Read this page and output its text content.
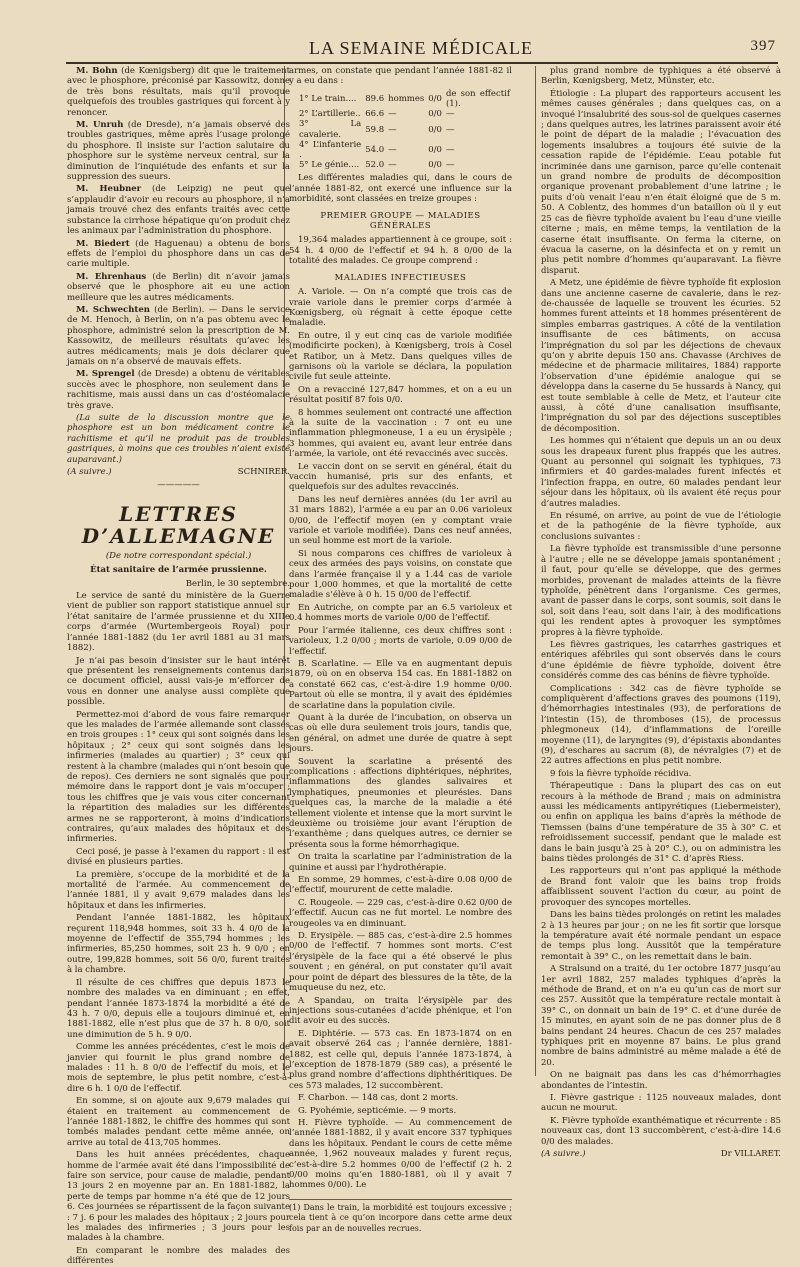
LA SEMAINE MÉDICALE	397

M. Bohn (de Kœnigsberg) dit que le traitement avec le phosphore, préconisé par Kassowitz, donne de très bons résultats, mais qu’il provoque quelquefois des troubles gastriques qui forcent à y renoncer.

M. Unruh (de Dresde), n’a jamais observé des troubles gastriques, même après l’usage prolongé du phosphore. Il insiste sur l’action salutaire du phosphore sur le système nerveux central, sur la diminution de l’inquiétude des enfants et sur la suppression des sueurs.

M. Heubner (de Leipzig) ne peut que s’applaudir d’avoir eu recours au phosphore, il n’a jamais trouvé chez des enfants traités avec cette substance la cirrhose hépatique qu’on produit chez les animaux par l’administration du phosphore.

M. Biedert (de Haguenau) a obtenu de bons effets de l’emploi du phosphore dans un cas de carie multiple.

M. Ehrenhaus (de Berlin) dit n’avoir jamais observé que le phosphore ait eu une action meilleure que les autres médicaments.

M. Schwechten (de Berlin). — Dans le service de M. Henoch, à Berlin, on n’a pas obtenu avec le phosphore, administré selon la prescription de M. Kassowitz, de meilleurs résultats qu’avec les autres médicaments; mais je dois déclarer que jamais on n’a observé de mauvais effets.

M. Sprengel (de Dresde) a obtenu de véritables succès avec le phosphore, non seulement dans le rachitisme, mais aussi dans un cas d’ostéomalacie très grave.

(La suite de la discussion montre que le phosphore est un bon médicament contre le rachitisme et qu’il ne produit pas de troubles gastriques, à moins que ces troubles n’aient existé auparavant.)

(A suivre.)	SCHNIRER.
—————
LETTRES D’ALLEMAGNE
(De notre correspondant spécial.)
État sanitaire de l’armée prussienne.

Berlin, le 30 septembre.

Le service de santé du ministère de la Guerre vient de publier son rapport statistique annuel sur l’état sanitaire de l’armée prussienne et du XIIIe corps d’armée (Wurtembergeois Royal) pour l’année 1881-1882 (du 1er avril 1881 au 31 mars 1882).

Je n’ai pas besoin d’insister sur le haut intérêt que présentent les renseignements contenus dans ce document officiel, aussi vais-je m’efforcer de vous en donner une analyse aussi complète que possible.

Permettez-moi d’abord de vous faire remarquer que les malades de l’armée allemande sont classés en trois groupes : 1° ceux qui sont soignés dans les hôpitaux ; 2° ceux qui sont soignés dans les infirmeries (malades au quartier) ; 3° ceux qui restent à la chambre (malades qui n’ont besoin que de repos). Ces derniers ne sont signalés que pour mémoire dans le rapport dont je vais m’occuper ; tous les chiffres que je vais vous citer concernant la répartition des maladies sur les différentes armes ne se rapporteront, à moins d’indications contraires, qu’aux malades des hôpitaux et des infirmeries.

Ceci posé, je passe à l’examen du rapport : il est divisé en plusieurs parties.

La première, s’occupe de la morbidité et de la mortalité de l’armée. Au commencement de l’année 1881, il y avait 9,679 malades dans les hôpitaux et dans les infirmeries.

Pendant l’année 1881-1882, les hôpitaux reçurent 118,948 hommes, soit 33 h. 4 0/0 de la moyenne de l’effectif de 355,794 hommes ; les infirmeries, 85,250 hommes, soit 23 h. 9 0/0 ; en outre, 199,828 hommes, soit 56 0/0, furent traités à la chambre.

Il résulte de ces chiffres que depuis 1873 le nombre des malades va en diminuant ; en effet, pendant l’année 1873-1874 la morbidité a été de 43 h. 7 0/0, depuis elle a toujours diminué et, en 1881-1882, elle n’est plus que de 37 h. 8 0/0, soit une diminution de 5 h. 9 0/0.

Comme les années précédentes, c’est le mois de janvier qui fournit le plus grand nombre de malades : 11 h. 8 0/0 de l’effectif du mois, et le mois de septembre, le plus petit nombre, c’est-à-dire 6 h. 1 0/0 de l’effectif.

En somme, si on ajoute aux 9,679 malades qui étaient en traitement au commencement de l’année 1881-1882, le chiffre des hommes qui sont tombés malades pendant cette même année, on arrive au total de 413,705 hommes.

Dans les huit années précédentes, chaque homme de l’armée avait été dans l’impossibilité de faire son service, pour cause de maladie, pendant 13 jours 2 en moyenne par an. En 1881-1882, la perte de temps par homme n’a été que de 12 jours 6. Ces journées se répartissent de la façon suivante : 7 j. 6 pour les malades des hôpitaux ; 2 jours pour les malades des infirmeries ; 3 jours pour les malades à la chambre.

En comparant le nombre des malades des différentes

armes, on constate que pendant l’année 1881-82 il y a eu dans :

1° Le train....	89.6	hommes	0/0	de son effectif (1).
2° L’artillerie..	66.6	—	0/0	—
3° La cavalerie.	59.8	—	0/0	—
4° L’infanterie .	54.0	—	0/0	—
5° Le génie....	52.0	—	0/0	—

Les différentes maladies qui, dans le cours de l’année 1881-82, ont exercé une influence sur la morbidité, sont classées en treize groupes :

PREMIER GROUPE — MALADIES GÉNÉRALES

19,364 malades appartiennent à ce groupe, soit : 54 h. 4 0/00 de l’effectif et 94 h. 8 0/00 de la totalité des malades. Ce groupe comprend :

MALADIES INFECTIEUSES

A. Variole. — On n’a compté que trois cas de vraie variole dans le premier corps d’armée à Kœnigsberg, où régnait à cette époque cette maladie.

En outre, il y eut cinq cas de variole modifiée (modificirte pocken), à Kœnigsberg, trois à Cosel et Ratibor, un à Metz. Dans quelques villes de garnisons où la variole se déclara, la population civile fut seule atteinte.

On a revacciné 127,847 hommes, et on a eu un résultat positif 87 fois 0/0.

8 hommes seulement ont contracté une affection à la suite de la vaccination : 7 ont eu une inflammation phlegmoneuse, 1 a eu un érysipèle ; 3 hommes, qui avaient eu, avant leur entrée dans l’armée, la variole, ont été revaccinés avec succès.

Le vaccin dont on se servit en général, était du vaccin humanisé, pris sur des enfants, et quelquefois sur des adultes revaccinés.

Dans les neuf dernières années (du 1er avril au 31 mars 1882), l’armée a eu par an 0.06 varioleux 0/00, de l’effectif moyen (en y comptant vraie variole et variole modifiée). Dans ces neuf années, un seul homme est mort de la variole.

Si nous comparons ces chiffres de varioleux à ceux des armées des pays voisins, on constate que dans l’armée française il y a 1.44 cas de variole pour 1,000 hommes, et que la mortalité de cette maladie s’élève à 0 h. 15 0/00 de l’effectif.

En Autriche, on compte par an 6.5 varioleux et 0.4 hommes morts de variole 0/00 de l’effectif.

Pour l’armée italienne, ces deux chiffres sont : varioleux, 1.2 0/00 ; morts de variole, 0.09 0/00 de l’effectif.

B. Scarlatine. — Elle va en augmentant depuis 1879, où on en observa 154 cas. En 1881-1882 on a constaté 662 cas, c’est-à-dire 1.9 homme 0/00. Partout où elle se montra, il y avait des épidémies de scarlatine dans la population civile.

Quant à la durée de l’incubation, on observa un cas où elle dura seulement trois jours, tandis que, en général, on admet une durée de quatre à sept jours.

Souvent la scarlatine a présenté des complications : affections diphtériques, néphrites, inflammations des glandes salivaires et lymphatiques, pneumonies et pleurésies. Dans quelques cas, la marche de la maladie a été tellement violente et intense que la mort survint le deuxième ou troisième jour avant l’éruption de l’exanthème ; dans quelques autres, ce dernier se présenta sous la forme hémorrhagique.

On traita la scarlatine par l’administration de la quinine et aussi par l’hydrothérapie.

En somme, 29 hommes, c’est-à-dire 0.08 0/00 de l’effectif, moururent de cette maladie.

C. Rougeole. — 229 cas, c’est-à-dire 0.62 0/00 de l’effectif. Aucun cas ne fut mortel. Le nombre des rougeoles va en diminuant.

D. Erysipèle. — 885 cas, c’est-à-dire 2.5 hommes 0/00 de l’effectif. 7 hommes sont morts. C’est l’érysipèle de la face qui a été observé le plus souvent ; en général, on put constater qu’il avait pour point de départ des blessures de la tête, de la muqueuse du nez, etc.

A Spandau, on traita l’érysipèle par des injections sous-cutanées d’acide phénique, et l’on dit avoir eu des succès.

E. Diphtérie. — 573 cas. En 1873-1874 on en avait observé 264 cas ; l’année dernière, 1881-1882, est celle qui, depuis l’année 1873-1874, à l’exception de 1878-1879 (589 cas), a présenté le plus grand nombre d’affections diphthéritiques. De ces 573 malades, 12 succombèrent.

F. Charbon. — 148 cas, dont 2 morts.

G. Pyohémie, septicémie. — 9 morts.

H. Fièvre typhoïde. — Au commencement de l’année 1881-1882, il y avait encore 337 typhiques dans les hôpitaux. Pendant le cours de cette même année, 1,962 nouveaux malades y furent reçus, c’est-à-dire 5.2 hommes 0/00 de l’effectif (2 h. 2 0/00 moins qu’en 1880-1881, où il y avait 7 hommes 0/00). Le

(1) Dans le train, la morbidité est toujours excessive ; cela tient à ce qu’on incorpore dans cette arme deux fois par an de nouvelles recrues.

plus grand nombre de typhiques a été observé à Berlin, Kœnigsberg, Metz, Münster, etc.

Étiologie : La plupart des rapporteurs accusent les mêmes causes générales ; dans quelques cas, on a invoqué l’insalubrité des sous-sol de quelques casernes ; dans quelques autres, les latrines paraissent avoir été le point de départ de la maladie ; l’évacuation des logements insalubres a toujours été suivie de la cessation rapide de l’épidémie. L’eau potable fut incriminée dans une garnison, parce qu’elle contenait un grand nombre de produits de décomposition organique provenant probablement d’une latrine ; le puits d’où venait l’eau n’en était éloigné que de 5 m. 50. A Coblentz, des hommes d’un bataillon où il y eut 25 cas de fièvre typhoïde avaient bu l’eau d’une vieille citerne ; mais, en même temps, la ventilation de la caserne était insuffisante. On ferma la citerne, on évacua la caserne, on la désinfecta et on y remit un plus petit nombre d’hommes qu’auparavant. La fièvre disparut.

A Metz, une épidémie de fièvre typhoïde fit explosion dans une ancienne caserne de cavalerie, dans le rez-de-chaussée de laquelle se trouvent les écuries. 52 hommes furent atteints et 18 hommes présentèrent de simples embarras gastriques. A côté de la ventilation insuffisante de ces bâtiments, on accusa l’imprégnation du sol par les déjections de chevaux qu’on y abrite depuis 150 ans. Chavasse (Archives de médecine et de pharmacie militaires, 1884) rapporte l’observation d’une épidémie analogue qui se développa dans la caserne du 5e hussards à Nancy, qui est toute semblable à celle de Metz, et l’auteur cite aussi, à côté d’une canalisation insuffisante, l’imprégnation du sol par des déjections susceptibles de décomposition.

Les hommes qui n’étaient que depuis un an ou deux sous les drapeaux furent plus frappés que les autres. Quant au personnel qui soignait les typhiques, 73 infirmiers et 40 gardes-malades furent infectés et l’infection frappa, en outre, 60 malades pendant leur séjour dans les hôpitaux, où ils avaient été reçus pour d’autres maladies.

En résumé, on arrive, au point de vue de l’étiologie et de la pathogénie de la fièvre typhoïde, aux conclusions suivantes :

La fièvre typhoïde est transmissible d’une personne à l’autre ; elle ne se développe jamais spontanément ; il faut, pour qu’elle se développe, que des germes morbides, provenant de malades atteints de la fièvre typhoïde, pénètrent dans l’organisme. Ces germes, avant de passer dans le corps, sont soumis, soit dans le sol, soit dans l’eau, soit dans l’air, à des modifications qui les rendent aptes à provoquer les symptômes propres à la fièvre typhoïde.

Les fièvres gastriques, les catarrhes gastriques et entériques afébriles qui sont observés dans le cours d’une épidémie de fièvre typhoïde, doivent être considérés comme des cas bénins de fièvre typhoïde.

Complications : 342 cas de fièvre typhoïde se compliquèrent d’affections graves des poumons (119), d’hémorrhagies intestinales (93), de perforations de l’intestin (15), de thromboses (15), de processus phlegmoneux (14), d’inflammations de l’oreille moyenne (11), de laryngites (9), d’épistaxis abondantes (9), d’eschares au sacrum (8), de névralgies (7) et de 22 autres affections en plus petit nombre.

9 fois la fièvre typhoïde récidiva.

Thérapeutique : Dans la plupart des cas on eut recours à la méthode de Brand ; mais on administra aussi les médicaments antipyrétiques (Liebermeister), ou enfin on appliqua les bains d’après la méthode de Tiemssen (bains d’une température de 35 à 30° C. et refroidissement successif, pendant que le malade est dans le bain jusqu’à 25 à 20° C.), ou on administra les bains tièdes prolongés de 31° C. d’après Riess.

Les rapporteurs qui n’ont pas appliqué la méthode de Brand font valoir que les bains trop froids affaiblissent souvent l’action du cœur, au point de provoquer des syncopes mortelles.

Dans les bains tièdes prolongés on retint les malades 2 à 13 heures par jour ; on ne les fit sortir que lorsque la température avait été normale pendant un espace de temps plus long. Aussitôt que la température remontait à 39° C., on les remettait dans le bain.

A Stralsund on a traité, du 1er octobre 1877 jusqu’au 1er avril 1882, 257 malades typhiques d’après la méthode de Brand, et on n’a eu qu’un cas de mort sur ces 257. Aussitôt que la température rectale montait à 39° C., on donnait un bain de 19° C. et d’une durée de 15 minutes, en ayant soin de ne pas donner plus de 8 bains pendant 24 heures. Chacun de ces 257 malades typhiques prit en moyenne 87 bains. Le plus grand nombre de bains administré au même malade a été de 20.

On ne baignait pas dans les cas d’hémorrhagies abondantes de l’intestin.

I. Fièvre gastrique : 1125 nouveaux malades, dont aucun ne mourut.

K. Fièvre typhoïde exanthématique et récurrente : 85 nouveaux cas, dont 13 succombèrent, c’est-à-dire 14.6 0/0 des malades.

(A suivre.)	Dr VILLARET.
